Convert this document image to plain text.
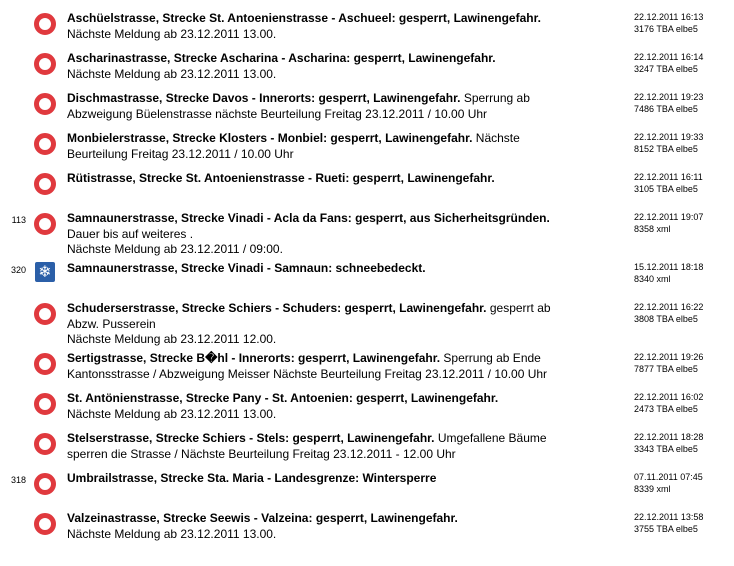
Aschüelstrasse, Strecke St. Antoenienstrasse - Aschueel: gesperrt, Lawinengefahr.
Nächste Meldung ab 23.12.2011 13.00.
22.12.2011 16:13
3176 TBA elbe5
Ascharinastrasse, Strecke Ascharina - Ascharina: gesperrt, Lawinengefahr.
Nächste Meldung ab 23.12.2011 13.00.
22.12.2011 16:14
3247 TBA elbe5
Dischmastrasse, Strecke Davos - Innerorts: gesperrt, Lawinengefahr. Sperrung ab
Abzweigung Büelenstrasse nächste Beurteilung Freitag 23.12.2011 / 10.00 Uhr
22.12.2011 19:23
7486 TBA elbe5
Monbielerstrasse, Strecke Klosters - Monbiel: gesperrt, Lawinengefahr. Nächste
Beurteilung Freitag 23.12.2011 / 10.00 Uhr
22.12.2011 19:33
8152 TBA elbe5
Rütistrasse, Strecke St. Antoenienstrasse - Rueti: gesperrt, Lawinengefahr.	22.12.2011 16:11
3105 TBA elbe5
113	Samnaunerstrasse, Strecke Vinadi - Acla da Fans: gesperrt, aus Sicherheitsgründen.
Dauer bis auf weiteres .
Nächste Meldung ab 23.12.2011 / 09:00.
22.12.2011 19:07
8358 xml
320 ❄ Samnaunerstrasse, Strecke Vinadi - Samnaun: schneebedeckt.	15.12.2011 18:18
8340 xml
Schuderserstrasse, Strecke Schiers - Schuders: gesperrt, Lawinengefahr. gesperrt ab
Abzw. Pusserein
Nächste Meldung ab 23.12.2011 12.00.
22.12.2011 16:22
3808 TBA elbe5
Sertigstrasse, Strecke B�hl - Innerorts: gesperrt, Lawinengefahr. Sperrung ab Ende
Kantonsstrasse / Abzweigung Meisser Nächste Beurteilung Freitag 23.12.2011 / 10.00 Uhr
22.12.2011 19:26
7877 TBA elbe5
St. Antönienstrasse, Strecke Pany - St. Antoenien: gesperrt, Lawinengefahr.
Nächste Meldung ab 23.12.2011 13.00.
22.12.2011 16:02
2473 TBA elbe5
Stelserstrasse, Strecke Schiers - Stels: gesperrt, Lawinengefahr. Umgefallene Bäume
sperren die Strasse / Nächste Beurteilung Freitag 23.12.2011 - 12.00 Uhr
22.12.2011 18:28
3343 TBA elbe5
318	Umbrailstrasse, Strecke Sta. Maria - Landesgrenze: Wintersperre	07.11.2011 07:45
8339 xml
Valzeinastrasse, Strecke Seewis - Valzeina: gesperrt, Lawinengefahr.
Nächste Meldung ab 23.12.2011 13.00.
22.12.2011 13:58
3755 TBA elbe5
